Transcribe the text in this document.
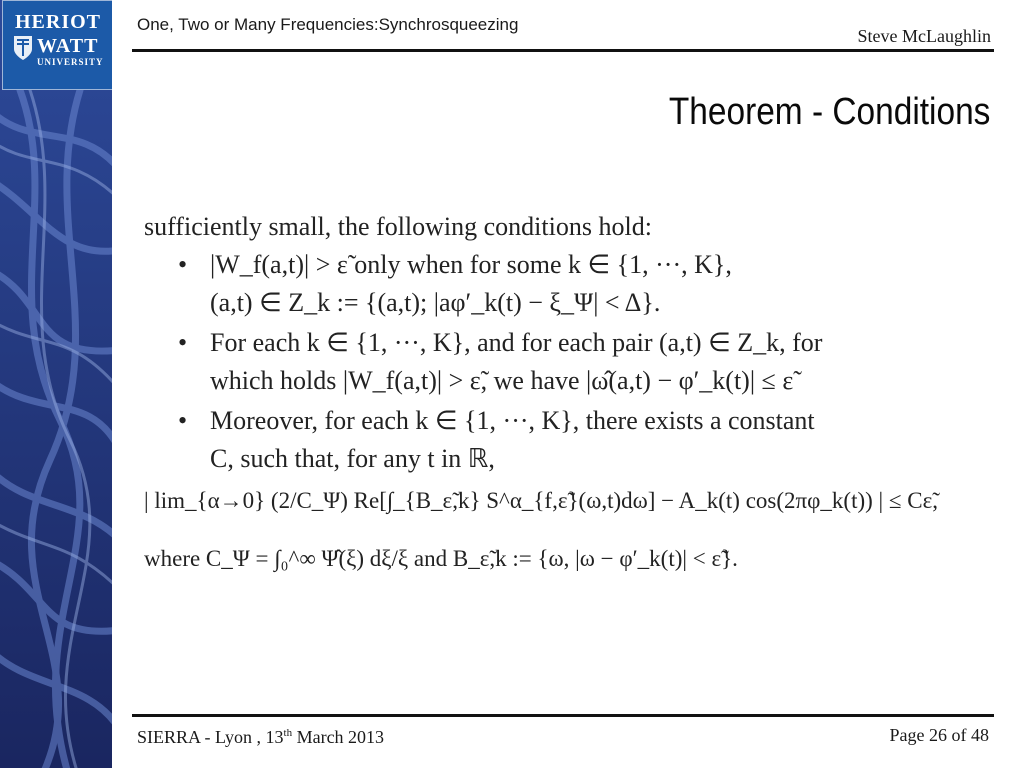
HERIOT
WATT
UNIVERSITY
One, Two or Many Frequencies:Synchrosqueezing
Steve McLaughlin
Theorem - Conditions
sufficiently small, the following conditions hold:
• |W_f(a,t)| > ε̃ only when for some k ∈ {1, ···, K},
(a,t) ∈ Z_k := {(a,t); |aφ′_k(t) − ξ_Ψ| < Δ}.
• For each k ∈ {1, ···, K}, and for each pair (a,t) ∈ Z_k, for
which holds |W_f(a,t)| > ε̃, we have |ω̂(a,t) − φ′_k(t)| ≤ ε̃
• Moreover, for each k ∈ {1, ···, K}, there exists a constant
C, such that, for any t in ℝ,
| lim_{α→0} (2/C_Ψ) Re[∫_{B_ε̃,k} S^α_{f,ε̃}(ω,t)dω] − A_k(t) cos(2πφ_k(t)) | ≤ Cε̃,
where C_Ψ = ∫₀^∞ Ψ̂(ξ) dξ/ξ and B_ε̃,k := {ω, |ω − φ′_k(t)| < ε̃}.
SIERRA - Lyon , 13th March 2013	Page 26 of 48
